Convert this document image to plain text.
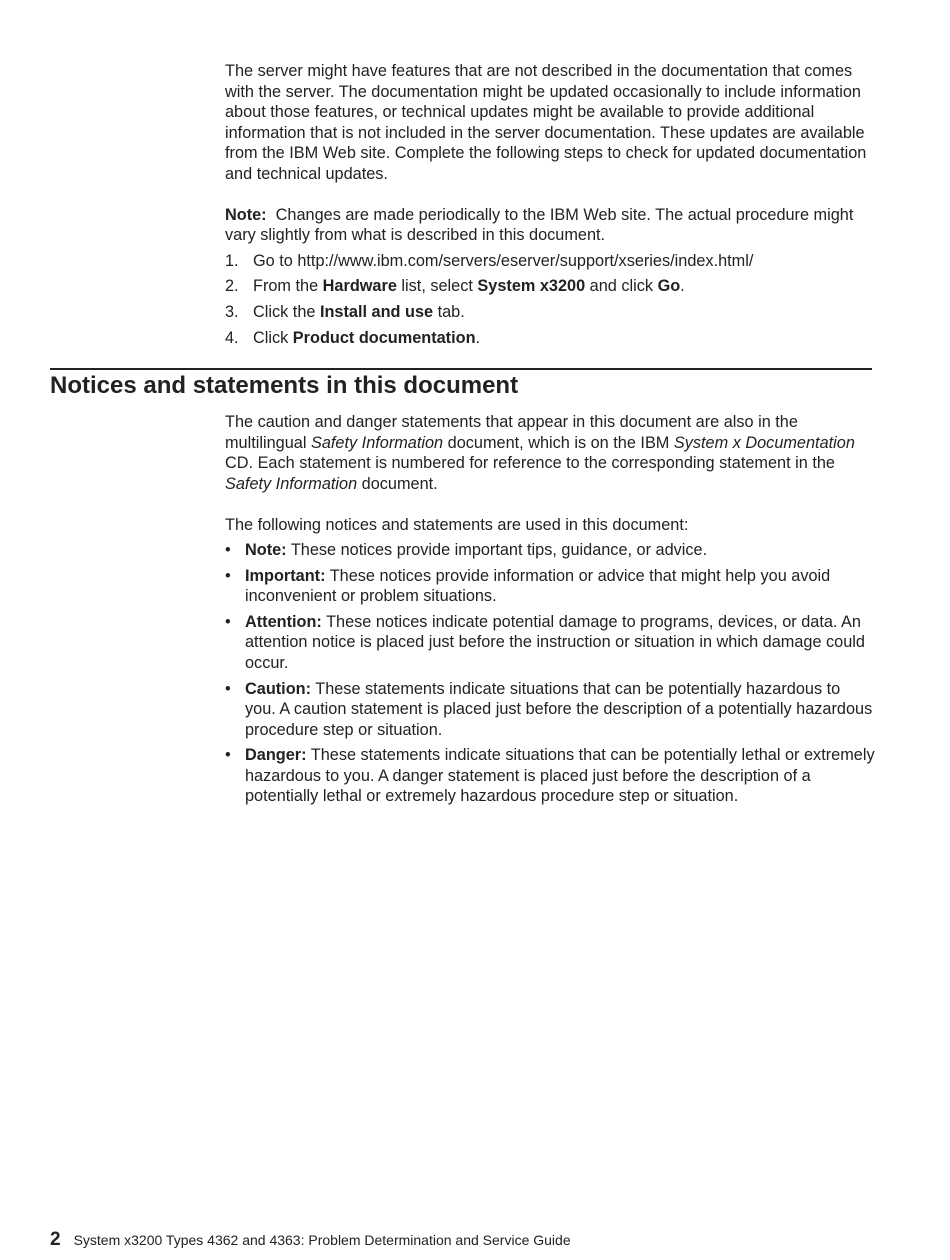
The server might have features that are not described in the documentation that comes with the server. The documentation might be updated occasionally to include information about those features, or technical updates might be available to provide additional information that is not included in the server documentation. These updates are available from the IBM Web site. Complete the following steps to check for updated documentation and technical updates.

Note: Changes are made periodically to the IBM Web site. The actual procedure might vary slightly from what is described in this document.

1. Go to http://www.ibm.com/servers/eserver/support/xseries/index.html/
2. From the Hardware list, select System x3200 and click Go.
3. Click the Install and use tab.
4. Click Product documentation.
Notices and statements in this document

The caution and danger statements that appear in this document are also in the multilingual Safety Information document, which is on the IBM System x Documentation CD. Each statement is numbered for reference to the corresponding statement in the Safety Information document.

The following notices and statements are used in this document:

• Note: These notices provide important tips, guidance, or advice.
• Important: These notices provide information or advice that might help you avoid inconvenient or problem situations.
• Attention: These notices indicate potential damage to programs, devices, or data. An attention notice is placed just before the instruction or situation in which damage could occur.
• Caution: These statements indicate situations that can be potentially hazardous to you. A caution statement is placed just before the description of a potentially hazardous procedure step or situation.
• Danger: These statements indicate situations that can be potentially lethal or extremely hazardous to you. A danger statement is placed just before the description of a potentially lethal or extremely hazardous procedure step or situation.
2 System x3200 Types 4362 and 4363: Problem Determination and Service Guide
